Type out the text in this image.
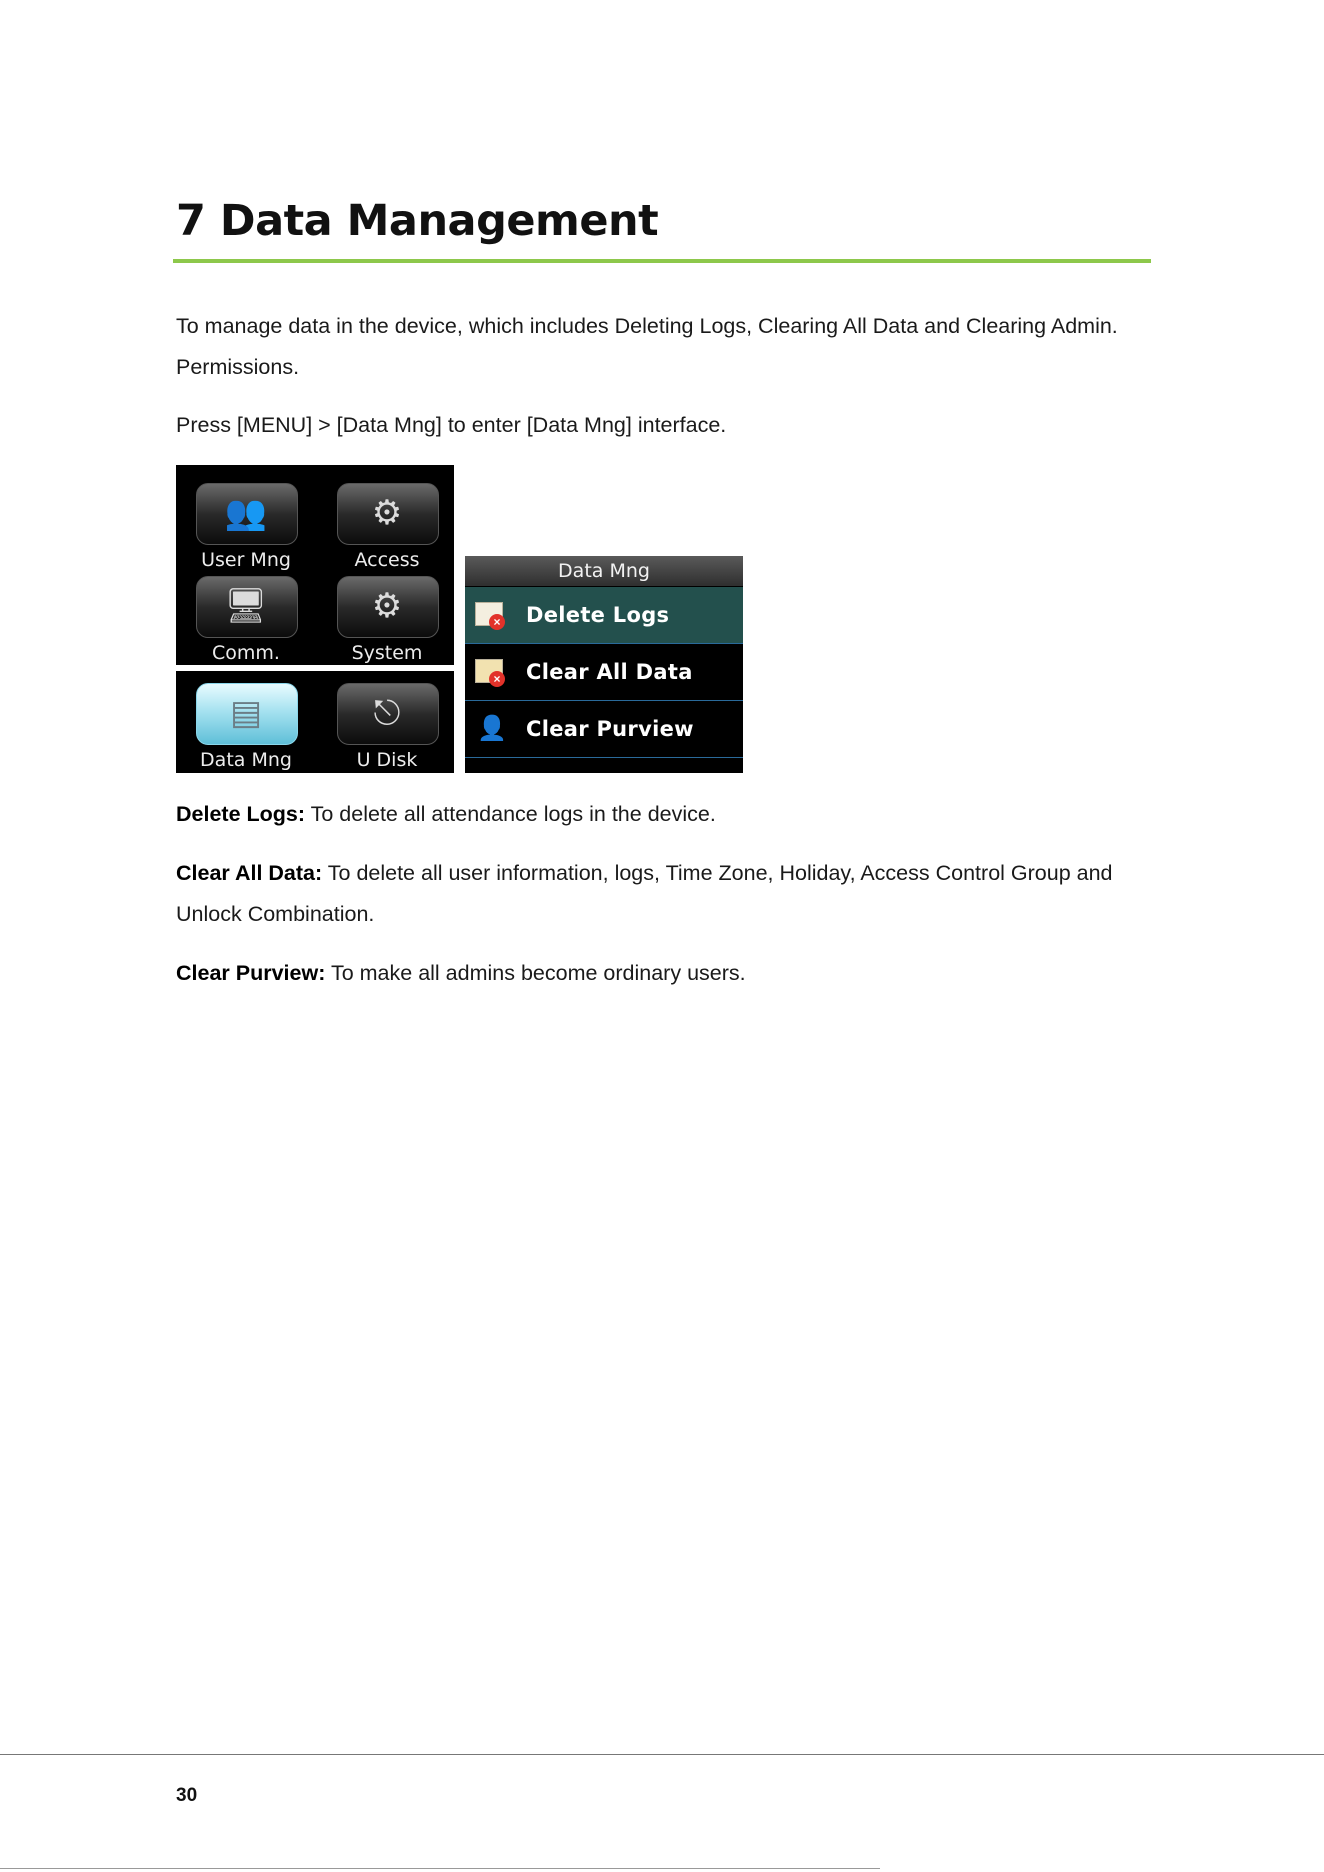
7 Data Management
To manage data in the device, which includes Deleting Logs, Clearing All Data and Clearing Admin.
Permissions.
Press [MENU] > [Data Mng] to enter [Data Mng] interface.
👥
User Mng
⚙
Access
🖥
Comm.
⚙
System
▤
Data Mng
⎋
U Disk
Data Mng
× Delete Logs
× Clear All Data
👤 Clear Purview
Delete Logs: To delete all attendance logs in the device.
Clear All Data: To delete all user information, logs, Time Zone, Holiday, Access Control Group and
Unlock Combination.
Clear Purview: To make all admins become ordinary users.
30
